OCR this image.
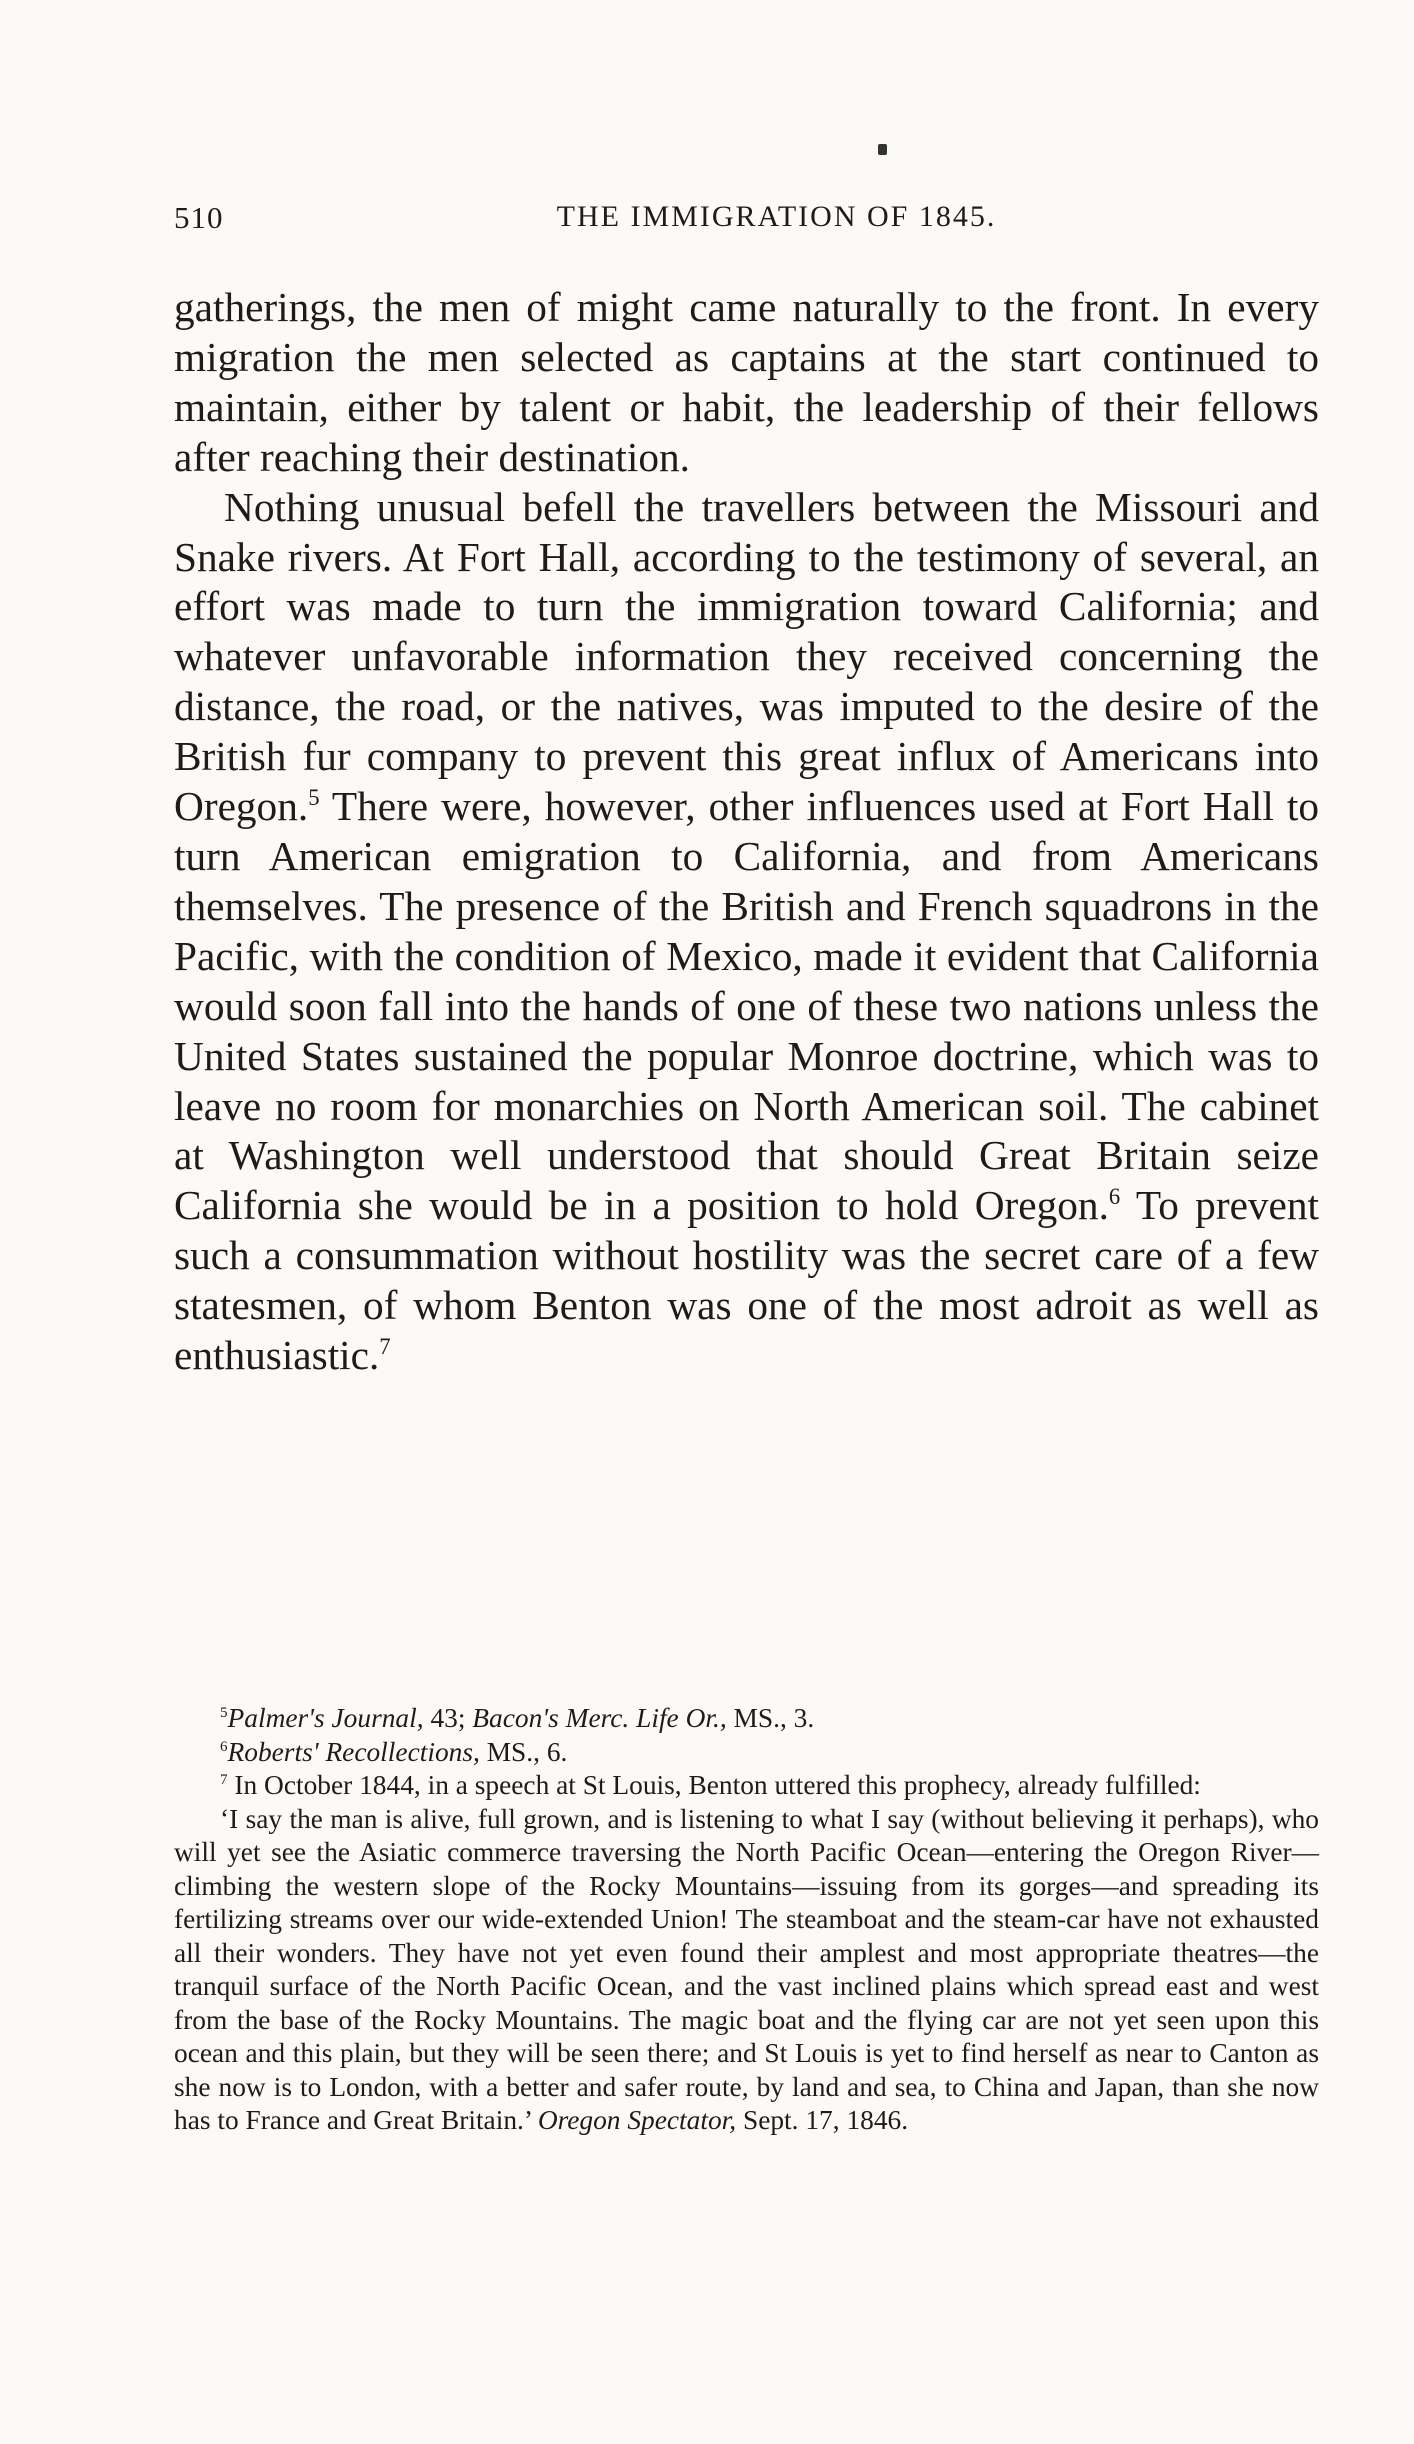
510	THE IMMIGRATION OF 1845.

gatherings, the men of might came naturally to the front. In every migration the men selected as captains at the start continued to maintain, either by talent or habit, the leadership of their fellows after reaching their destination.

Nothing unusual befell the travellers between the Missouri and Snake rivers. At Fort Hall, according to the testimony of several, an effort was made to turn the immigration toward California; and whatever unfavorable information they received concerning the distance, the road, or the natives, was imputed to the desire of the British fur company to prevent this great influx of Americans into Oregon.$^5$ There were, however, other influences used at Fort Hall to turn American emigration to California, and from Americans themselves. The presence of the British and French squadrons in the Pacific, with the condition of Mexico, made it evident that California would soon fall into the hands of one of these two nations unless the United States sustained the popular Monroe doctrine, which was to leave no room for monarchies on North American soil. The cabinet at Washington well understood that should Great Britain seize California she would be in a position to hold Oregon.$^6$ To prevent such a consummation without hostility was the secret care of a few statesmen, of whom Benton was one of the most adroit as well as enthusiastic.$^7$

$^5$Palmer's Journal, 43; Bacon's Merc. Life Or., MS., 3.

$^6$Roberts' Recollections, MS., 6.

$^7$ In October 1844, in a speech at St Louis, Benton uttered this prophecy, already fulfilled:

‘I say the man is alive, full grown, and is listening to what I say (without believing it perhaps), who will yet see the Asiatic commerce traversing the North Pacific Ocean—entering the Oregon River—climbing the western slope of the Rocky Mountains—issuing from its gorges—and spreading its fertilizing streams over our wide-extended Union! The steamboat and the steam-car have not exhausted all their wonders. They have not yet even found their amplest and most appropriate theatres—the tranquil surface of the North Pacific Ocean, and the vast inclined plains which spread east and west from the base of the Rocky Mountains. The magic boat and the flying car are not yet seen upon this ocean and this plain, but they will be seen there; and St Louis is yet to find herself as near to Canton as she now is to London, with a better and safer route, by land and sea, to China and Japan, than she now has to France and Great Britain.’ Oregon Spectator, Sept. 17, 1846.
